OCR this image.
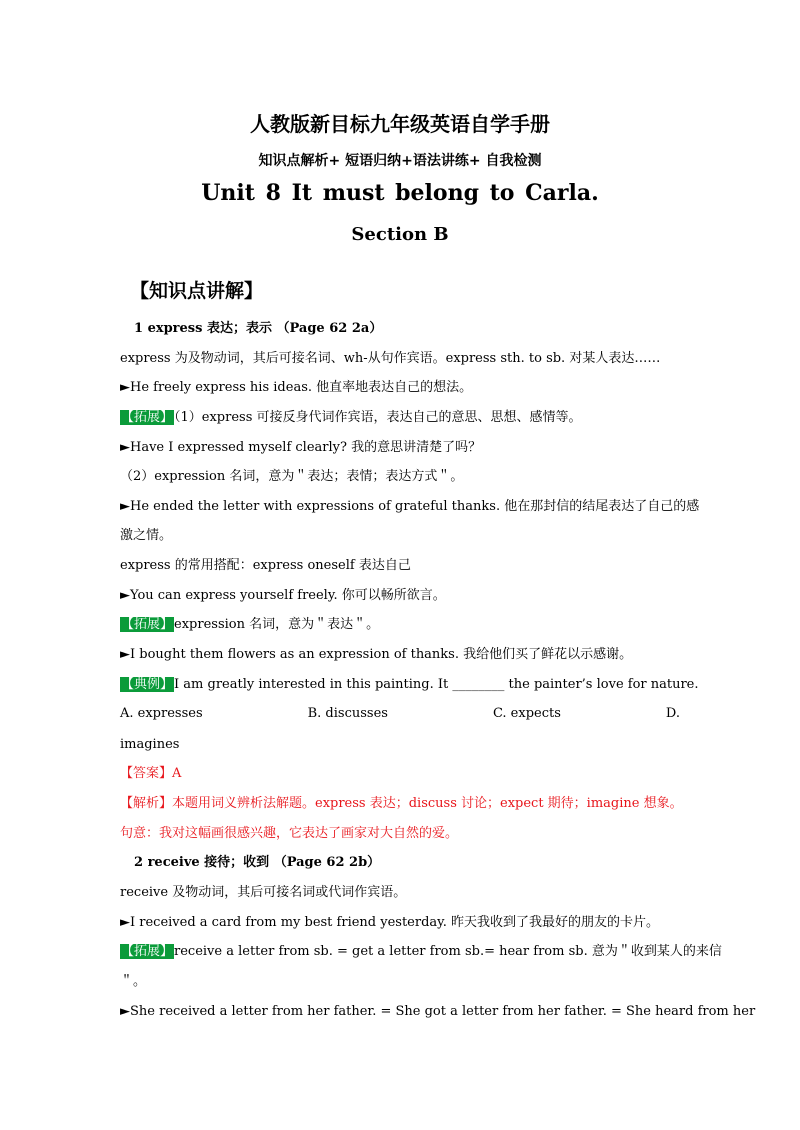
人教版新目标九年级英语自学手册
知识点解析+ 短语归纳+语法讲练+ 自我检测
Unit 8 It must belong to Carla.
Section B
【知识点讲解】
1 express 表达；表示 （Page 62 2a）
express 为及物动词，其后可接名词、wh-从句作宾语。express sth. to sb. 对某人表达……
►He freely express his ideas. 他直率地表达自己的想法。
【拓展】（1）express 可接反身代词作宾语，表达自己的意思、思想、感情等。
►Have I expressed myself clearly? 我的意思讲清楚了吗？
（2）expression 名词，意为＂表达；表情；表达方式＂。
►He ended the letter with expressions of grateful thanks. 他在那封信的结尾表达了自己的感
激之情。
express 的常用搭配：express oneself 表达自己
►You can express yourself freely. 你可以畅所欲言。
【拓展】expression 名词，意为＂表达＂。
►I bought them flowers as an expression of thanks. 我给他们买了鲜花以示感谢。
【典例】I am greatly interested in this painting. It ________ the painter’s love for nature.
A. expresses	B. discusses	C. expects	D.
imagines
【答案】A
【解析】本题用词义辨析法解题。express 表达；discuss 讨论；expect 期待；imagine 想象。
句意：我对这幅画很感兴趣，它表达了画家对大自然的爱。
2 receive 接待；收到 （Page 62 2b）
receive 及物动词，其后可接名词或代词作宾语。
►I received a card from my best friend yesterday. 昨天我收到了我最好的朋友的卡片。
【拓展】receive a letter from sb. = get a letter from sb.= hear from sb. 意为＂收到某人的来信
＂。
►She received a letter from her father. = She got a letter from her father. = She heard from her
